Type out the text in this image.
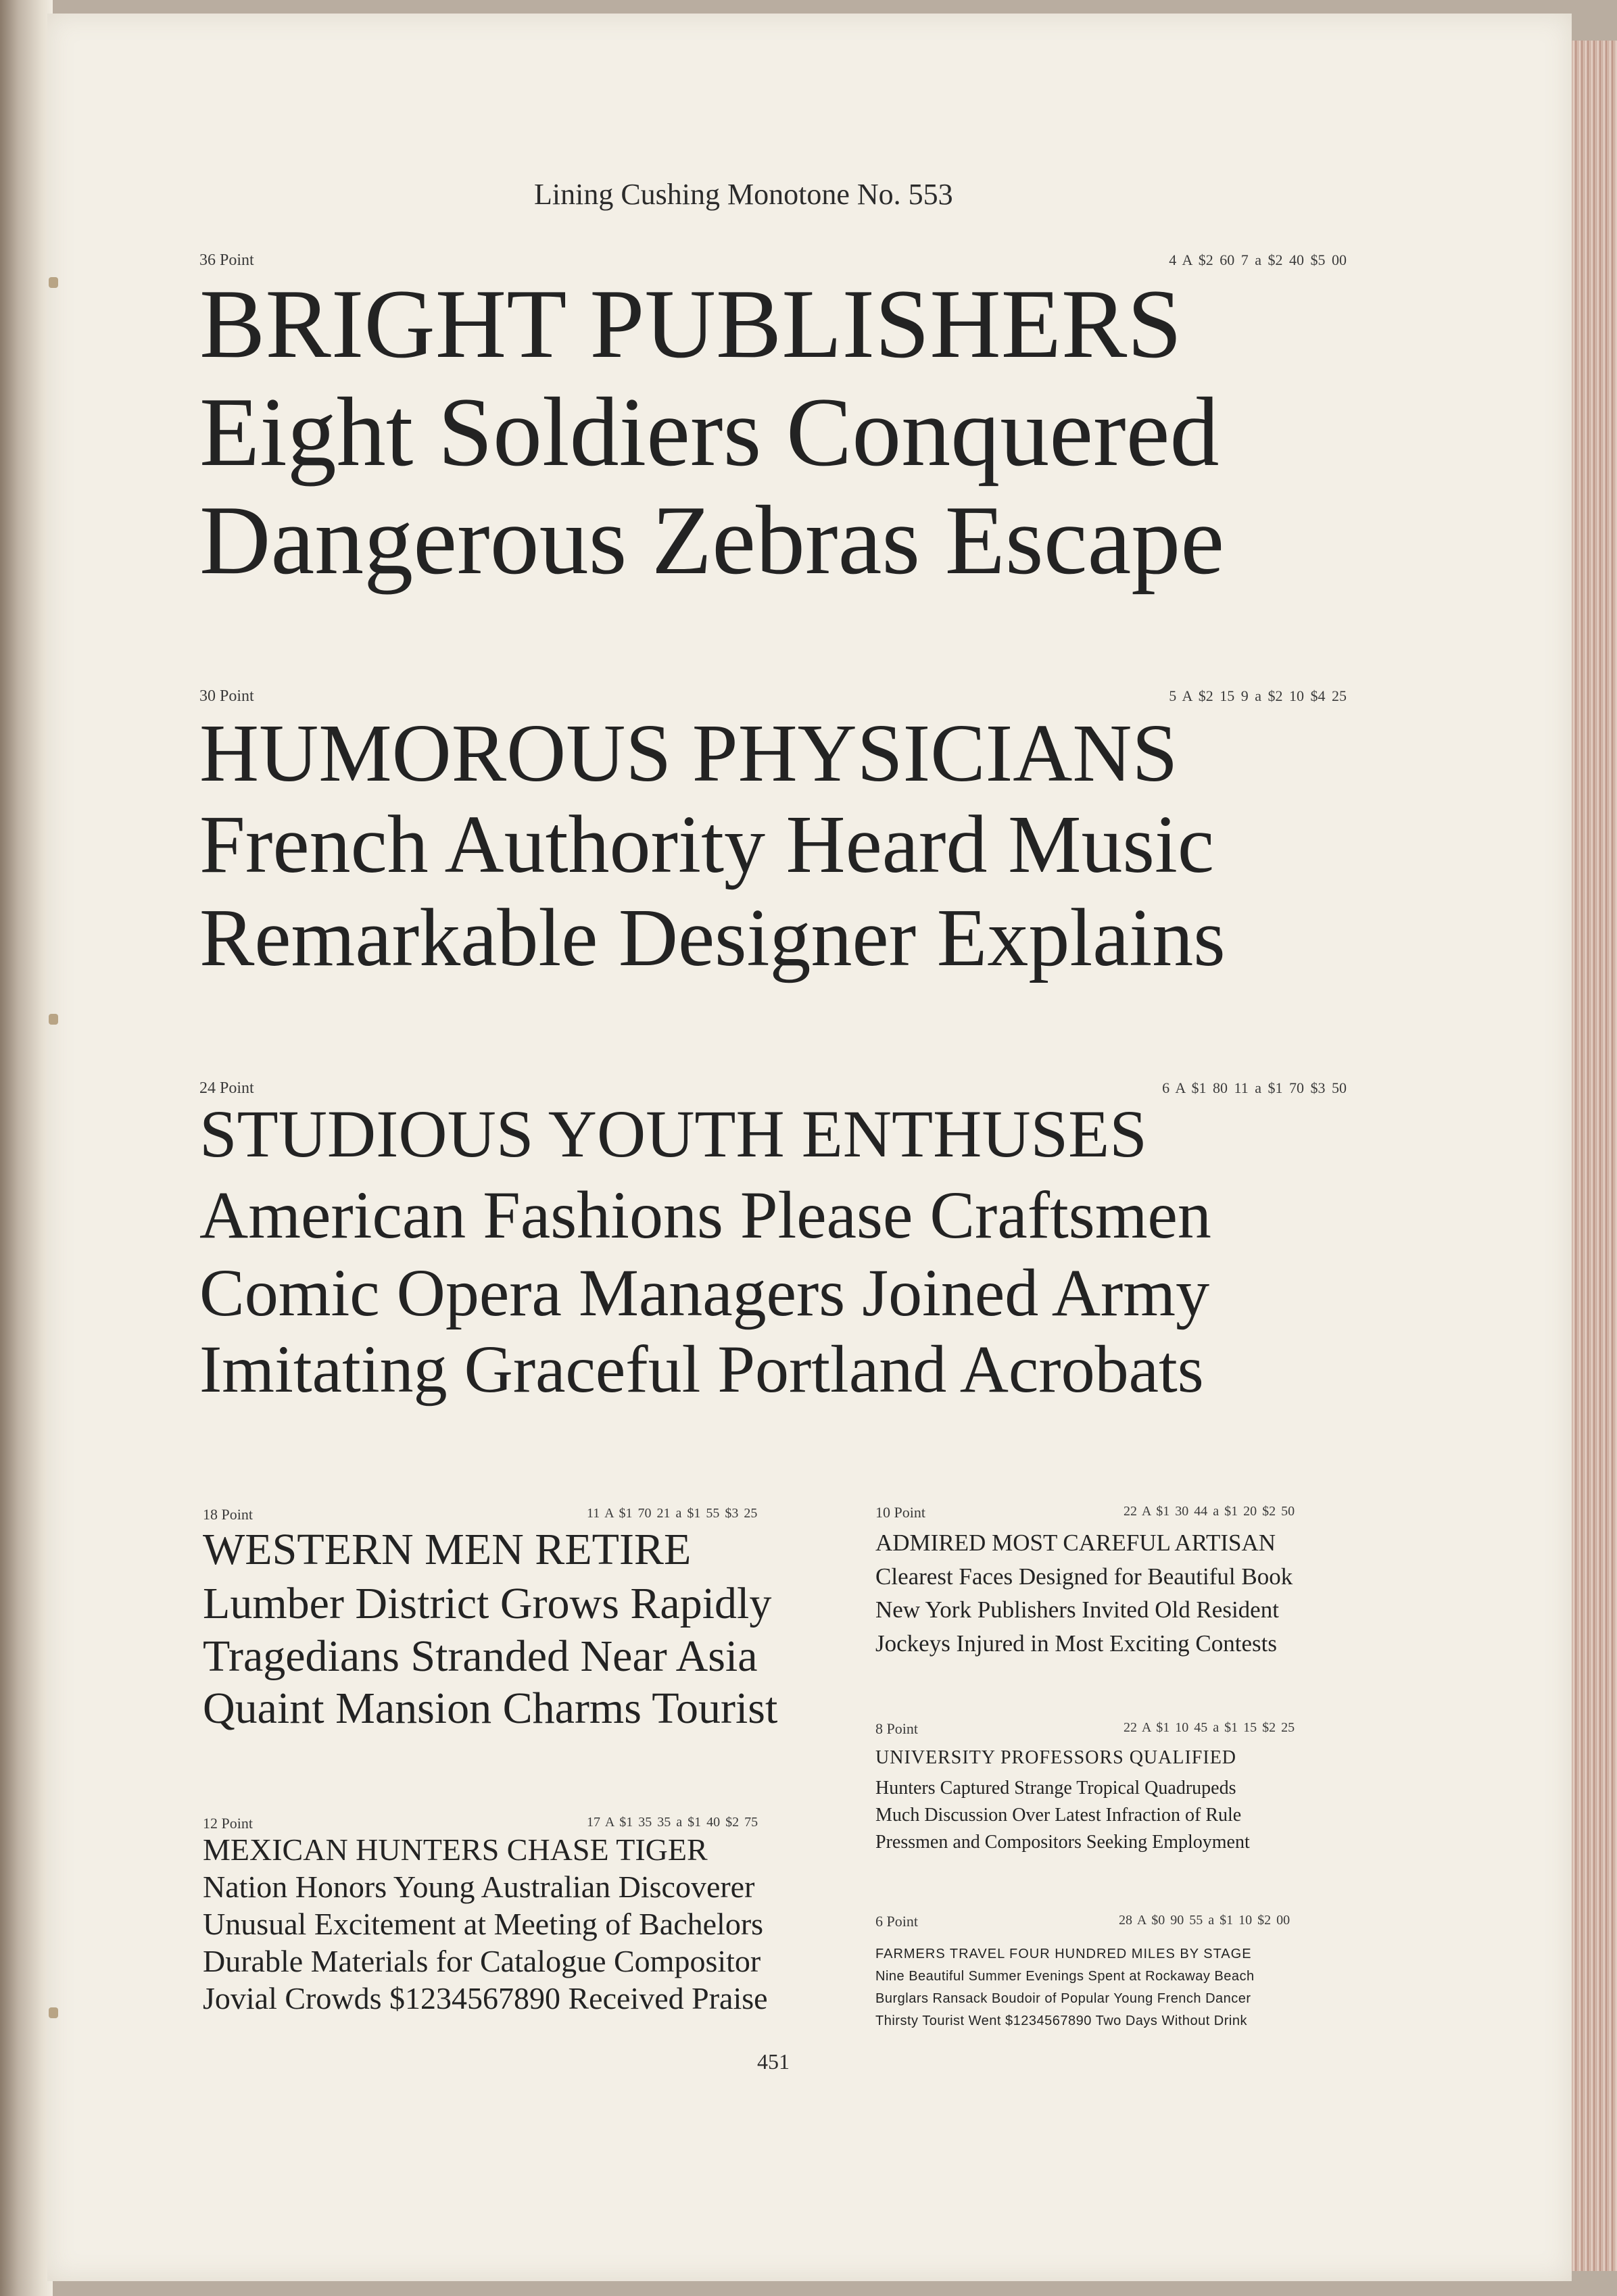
Lining Cushing Monotone No. 553
36 Point	4 A $2 60 7 a $2 40 $5 00
BRIGHT PUBLISHERS
Eight Soldiers Conquered
Dangerous Zebras Escape
30 Point	5 A $2 15 9 a $2 10 $4 25
HUMOROUS PHYSICIANS
French Authority Heard Music
Remarkable Designer Explains
24 Point	6 A $1 80 11 a $1 70 $3 50
STUDIOUS YOUTH ENTHUSES
American Fashions Please Craftsmen
Comic Opera Managers Joined Army
Imitating Graceful Portland Acrobats
18 Point	11 A $1 70 21 a $1 55 $3 25
WESTERN MEN RETIRE
Lumber District Grows Rapidly
Tragedians Stranded Near Asia
Quaint Mansion Charms Tourist
12 Point	17 A $1 35 35 a $1 40 $2 75
MEXICAN HUNTERS CHASE TIGER
Nation Honors Young Australian Discoverer
Unusual Excitement at Meeting of Bachelors
Durable Materials for Catalogue Compositor
Jovial Crowds $1234567890 Received Praise
10 Point	22 A $1 30 44 a $1 20 $2 50
ADMIRED MOST CAREFUL ARTISAN
Clearest Faces Designed for Beautiful Book
New York Publishers Invited Old Resident
Jockeys Injured in Most Exciting Contests
8 Point	22 A $1 10 45 a $1 15 $2 25
UNIVERSITY PROFESSORS QUALIFIED
Hunters Captured Strange Tropical Quadrupeds
Much Discussion Over Latest Infraction of Rule
Pressmen and Compositors Seeking Employment
6 Point	28 A $0 90 55 a $1 10 $2 00
FARMERS TRAVEL FOUR HUNDRED MILES BY STAGE
Nine Beautiful Summer Evenings Spent at Rockaway Beach
Burglars Ransack Boudoir of Popular Young French Dancer
Thirsty Tourist Went $1234567890 Two Days Without Drink
451
